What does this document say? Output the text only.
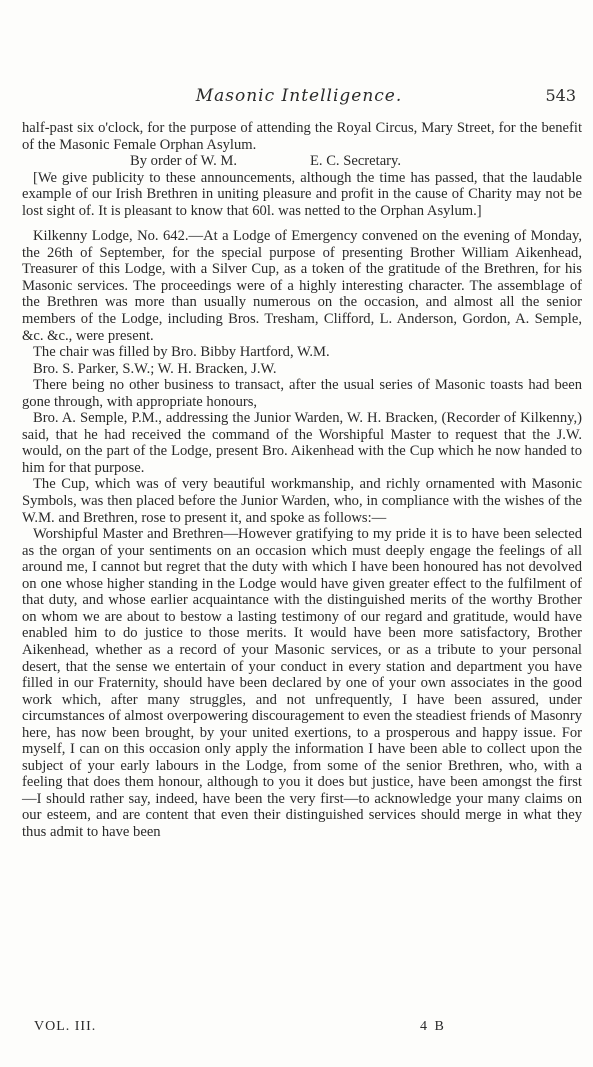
Masonic Intelligence.	543

half-past six o'clock, for the purpose of attending the Royal Circus, Mary Street, for the benefit of the Masonic Female Orphan Asylum.

By order of W. M.                    E. C. Secretary.

[We give publicity to these announcements, although the time has passed, that the laudable example of our Irish Brethren in uniting pleasure and profit in the cause of Charity may not be lost sight of. It is pleasant to know that 60l. was netted to the Orphan Asylum.]

Kilkenny Lodge, No. 642.—At a Lodge of Emergency convened on the evening of Monday, the 26th of September, for the special purpose of presenting Brother William Aikenhead, Treasurer of this Lodge, with a Silver Cup, as a token of the gratitude of the Brethren, for his Masonic services. The proceedings were of a highly interesting character. The assemblage of the Brethren was more than usually numerous on the occasion, and almost all the senior members of the Lodge, including Bros. Tresham, Clifford, L. Anderson, Gordon, A. Semple, &c. &c., were present.

The chair was filled by Bro. Bibby Hartford, W.M.

Bro. S. Parker, S.W.; W. H. Bracken, J.W.

There being no other business to transact, after the usual series of Masonic toasts had been gone through, with appropriate honours,

Bro. A. Semple, P.M., addressing the Junior Warden, W. H. Bracken, (Recorder of Kilkenny,) said, that he had received the command of the Worshipful Master to request that the J.W. would, on the part of the Lodge, present Bro. Aikenhead with the Cup which he now handed to him for that purpose.

The Cup, which was of very beautiful workmanship, and richly ornamented with Masonic Symbols, was then placed before the Junior Warden, who, in compliance with the wishes of the W.M. and Brethren, rose to present it, and spoke as follows:—

Worshipful Master and Brethren—However gratifying to my pride it is to have been selected as the organ of your sentiments on an occasion which must deeply engage the feelings of all around me, I cannot but regret that the duty with which I have been honoured has not devolved on one whose higher standing in the Lodge would have given greater effect to the fulfilment of that duty, and whose earlier acquaintance with the distinguished merits of the worthy Brother on whom we are about to bestow a lasting testimony of our regard and gratitude, would have enabled him to do justice to those merits. It would have been more satisfactory, Brother Aikenhead, whether as a record of your Masonic services, or as a tribute to your personal desert, that the sense we entertain of your conduct in every station and department you have filled in our Fraternity, should have been declared by one of your own associates in the good work which, after many struggles, and not unfrequently, I have been assured, under circumstances of almost overpowering discouragement to even the steadiest friends of Masonry here, has now been brought, by your united exertions, to a prosperous and happy issue. For myself, I can on this occasion only apply the information I have been able to collect upon the subject of your early labours in the Lodge, from some of the senior Brethren, who, with a feeling that does them honour, although to you it does but justice, have been amongst the first —I should rather say, indeed, have been the very first—to acknowledge your many claims on our esteem, and are content that even their distinguished services should merge in what they thus admit to have been

VOL. III.	4 B
